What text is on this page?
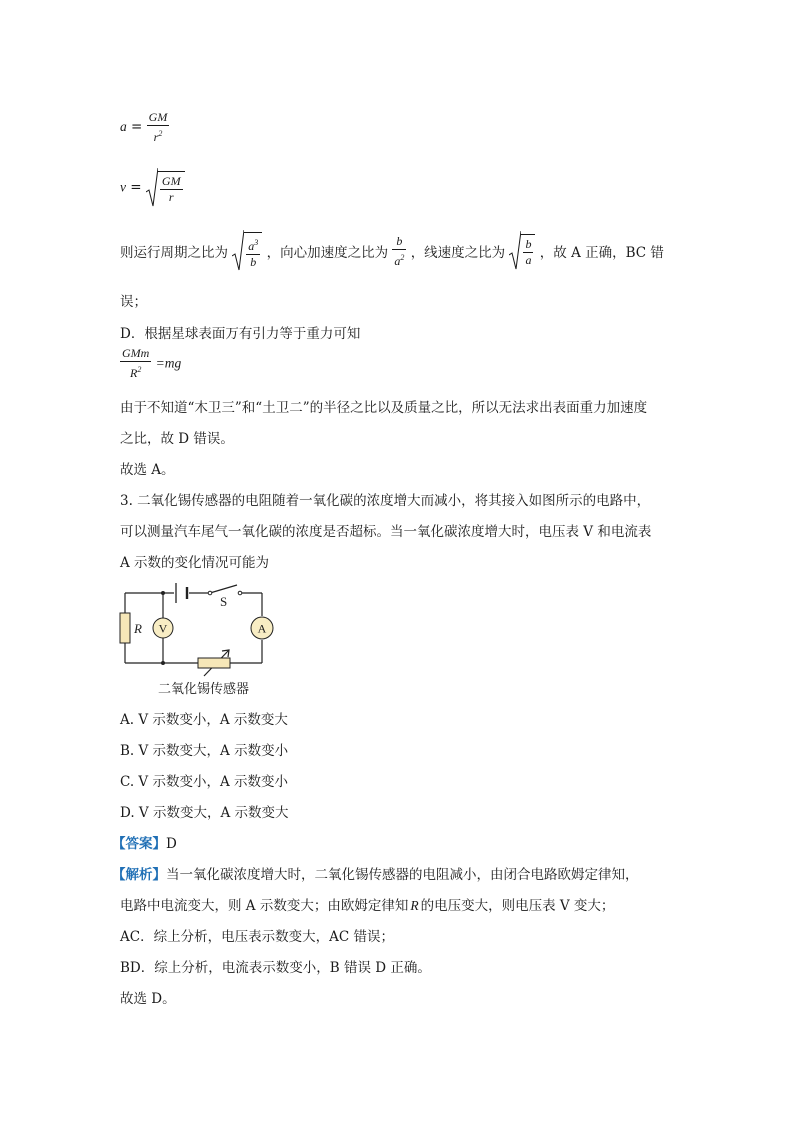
$a = \frac{GM}{r^2}$
$v = \frac{GM}{r}$
则运行周期之比为 $\frac{a^3}{b}$ ，向心加速度之比为 $\frac{b}{a^2}$ ，线速度之比为 $\frac{b}{a}$ ，故 A 正确，BC 错
误；
D．根据星球表面万有引力等于重力可知
$\frac{\text{GMm}}{R^2} =mg$
由于不知道“木卫三”和“土卫二”的半径之比以及质量之比，所以无法求出表面重力加速度
之比，故 D 错误。
故选 A。
3. 二氧化锡传感器的电阻随着一氧化碳的浓度增大而减小，将其接入如图所示的电路中，
可以测量汽车尾气一氧化碳的浓度是否超标。当一氧化碳浓度增大时，电压表 V 和电流表
A 示数的变化情况可能为
R V	A
S
二氧化锡传感器
A. V 示数变小，A 示数变大
B. V 示数变大，A 示数变小
C. V 示数变小，A 示数变小
D. V 示数变大，A 示数变大
【答案】D
【解析】当一氧化碳浓度增大时，二氧化锡传感器的电阻减小，由闭合电路欧姆定律知，
电路中电流变大，则 A 示数变大；由欧姆定律知 R 的电压变大，则电压表 V 变大；
AC．综上分析，电压表示数变大，AC 错误；
BD．综上分析，电流表示数变小，B 错误 D 正确。
故选 D。
